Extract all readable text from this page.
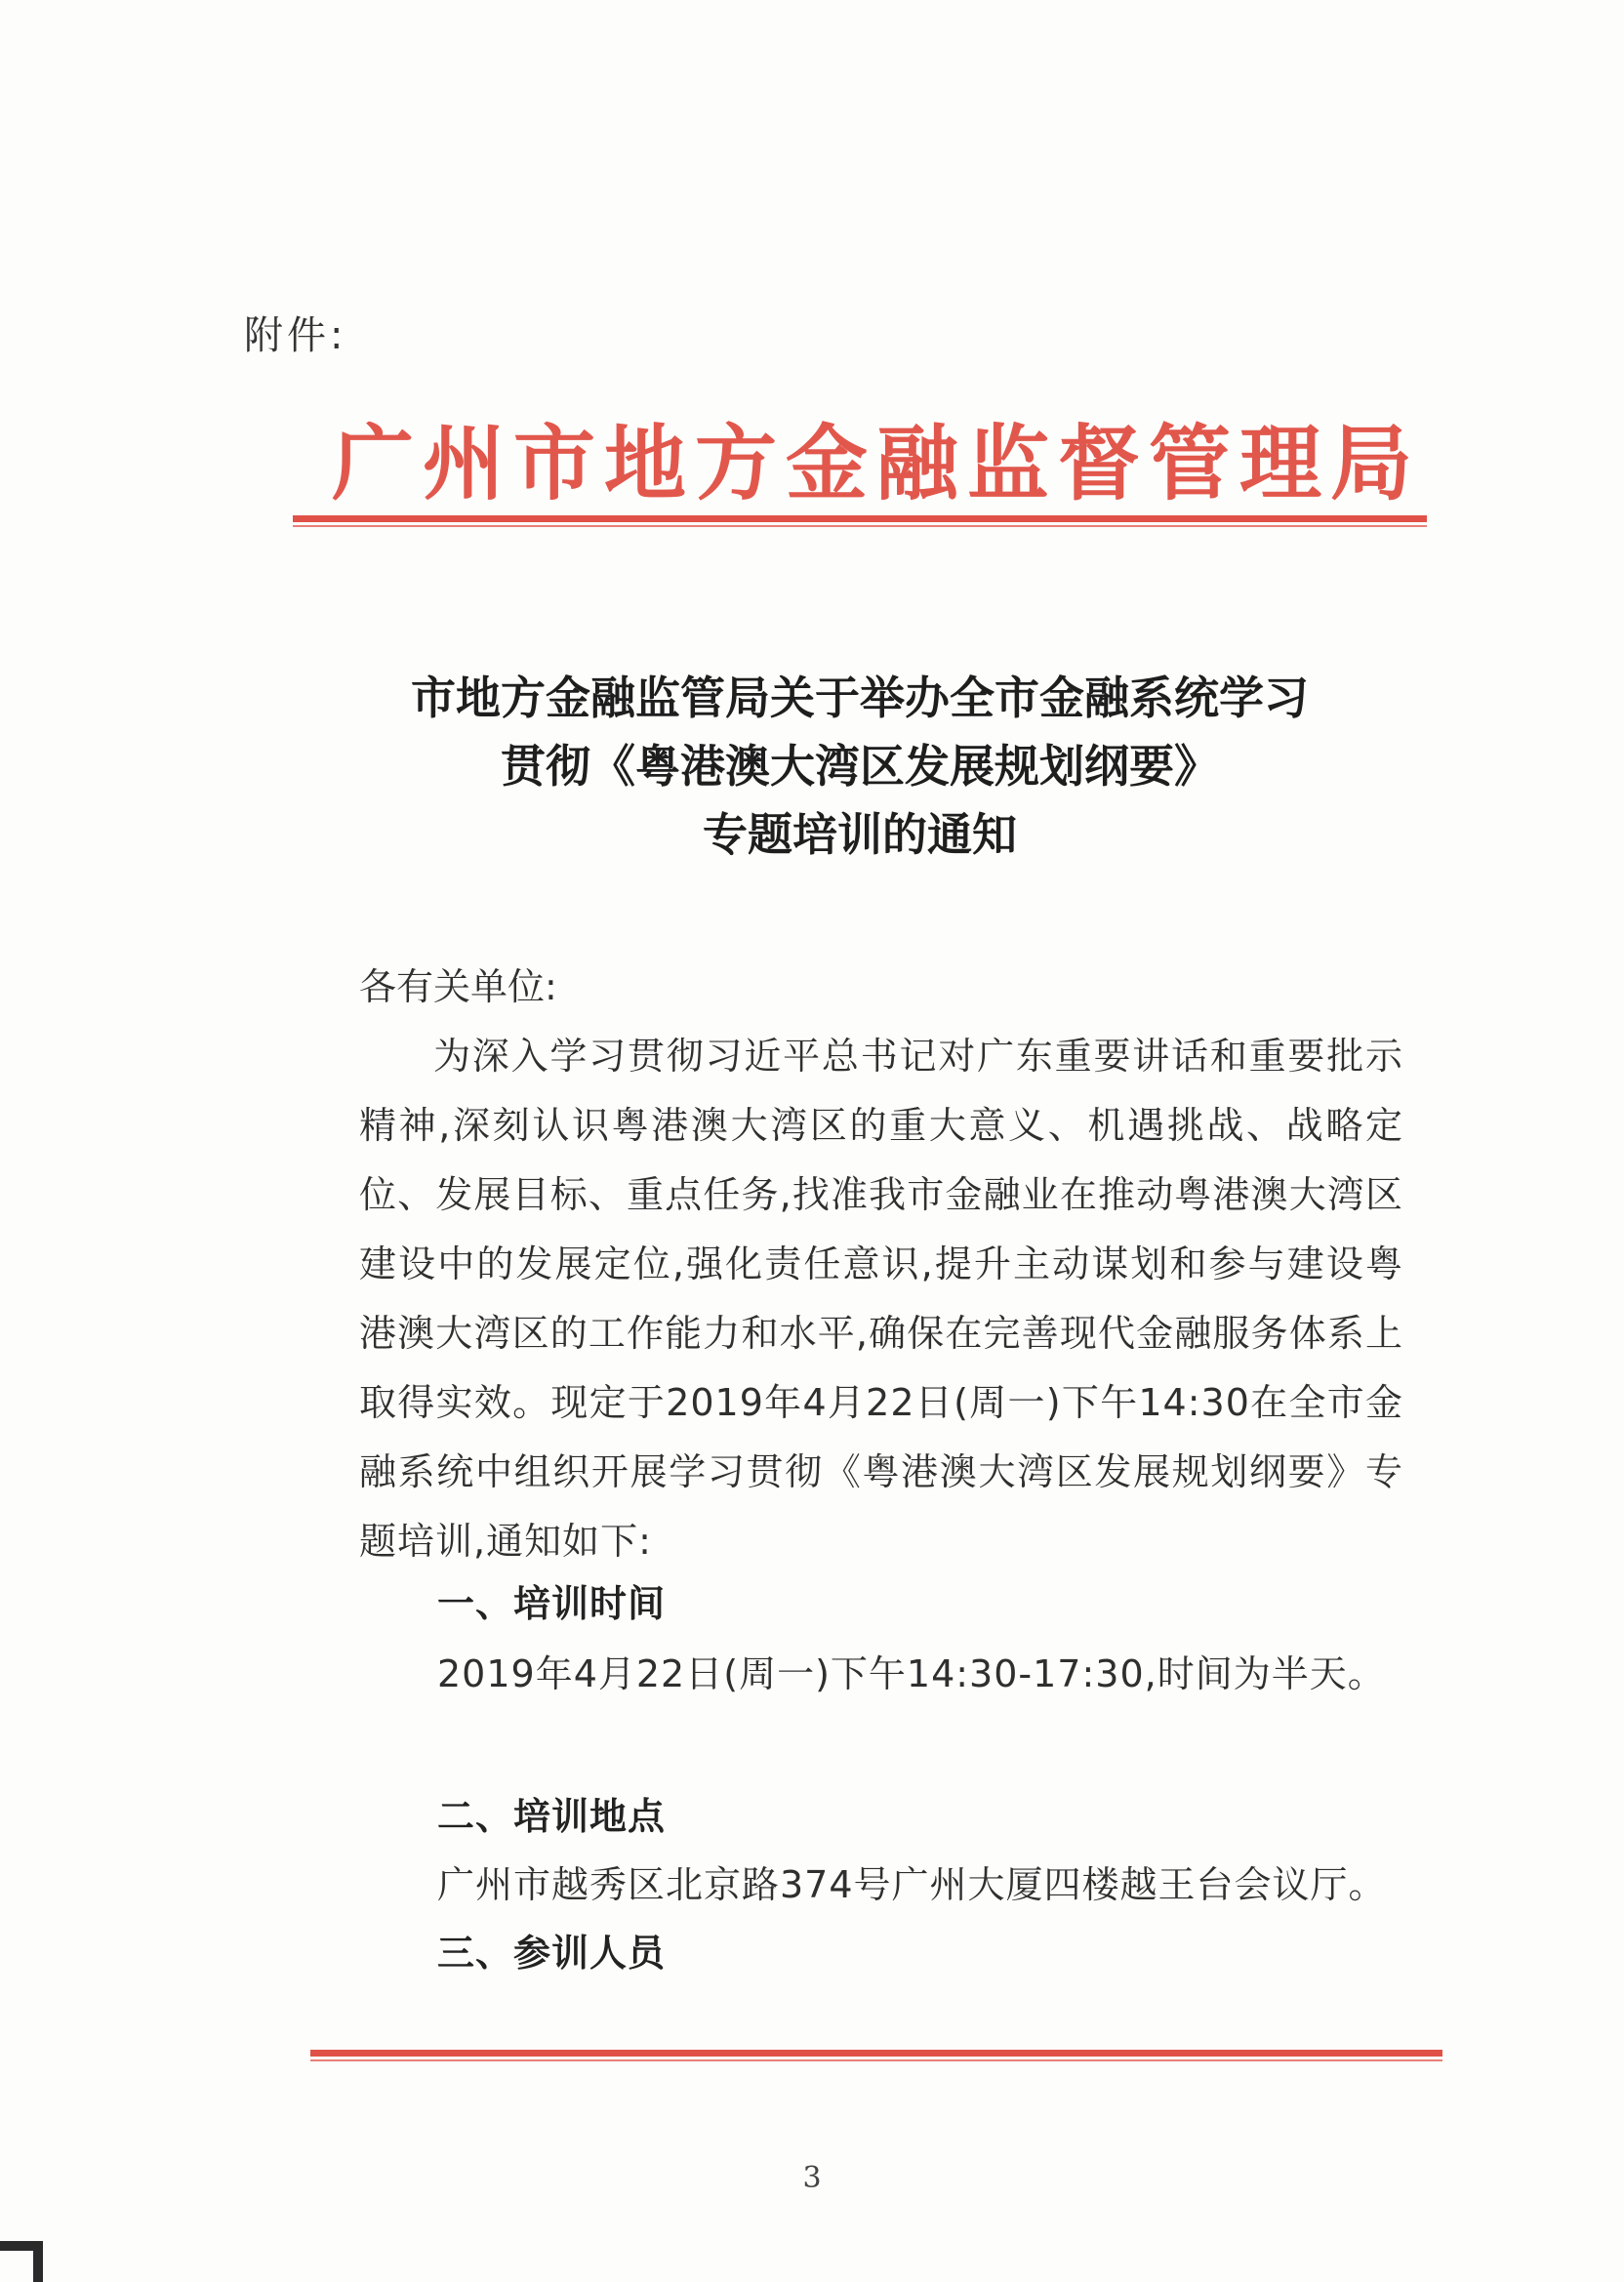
附件:
广州市地方金融监督管理局
市地方金融监管局关于举办全市金融系统学习
贯彻《粤港澳大湾区发展规划纲要》
专题培训的通知
各有关单位:
为深入学习贯彻习近平总书记对广东重要讲话和重要批示精神,深刻认识粤港澳大湾区的重大意义、机遇挑战、战略定位、发展目标、重点任务,找准我市金融业在推动粤港澳大湾区建设中的发展定位,强化责任意识,提升主动谋划和参与建设粤港澳大湾区的工作能力和水平,确保在完善现代金融服务体系上取得实效。现定于2019年4月22日(周一)下午14:30在全市金融系统中组织开展学习贯彻《粤港澳大湾区发展规划纲要》专题培训,通知如下:
一、培训时间
2019年4月22日(周一)下午14:30-17:30,时间为半天。
二、培训地点
广州市越秀区北京路374号广州大厦四楼越王台会议厅。
三、参训人员
3
